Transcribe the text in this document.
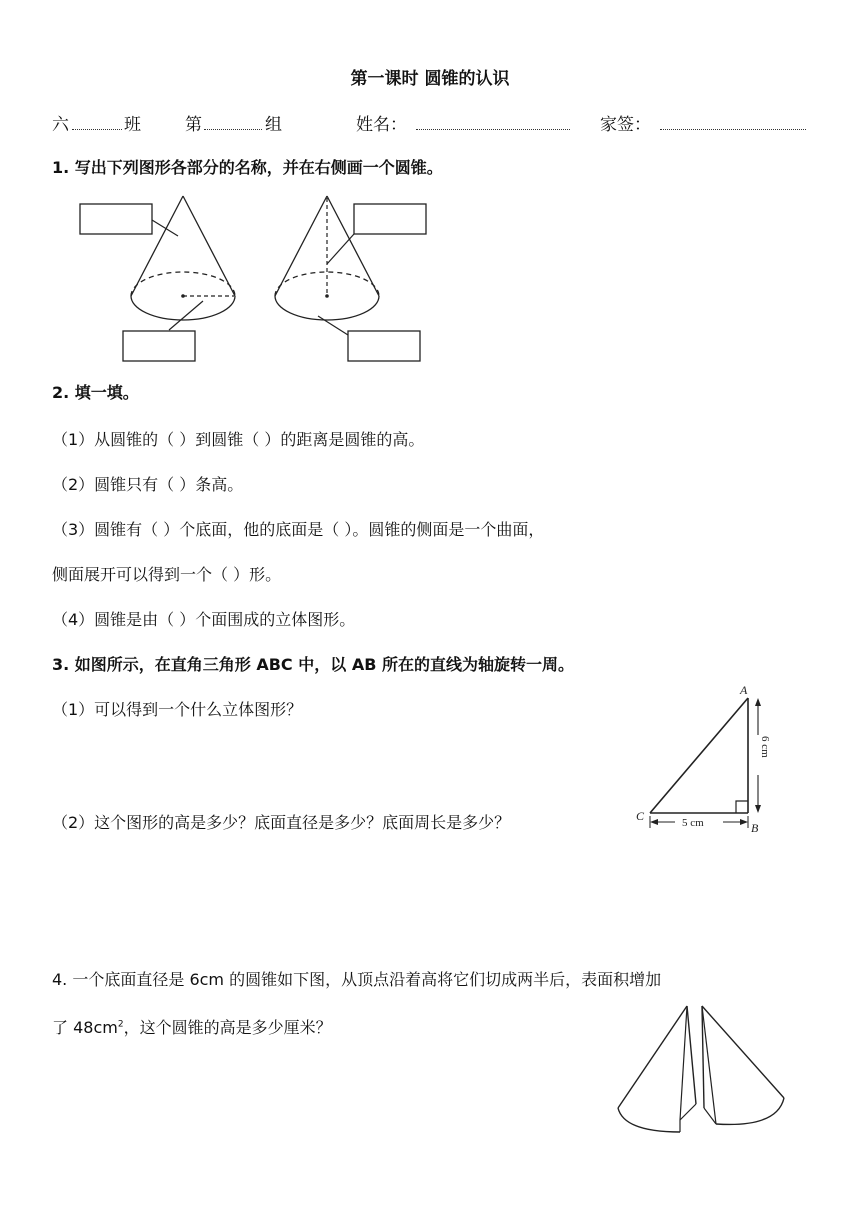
第一课时 圆锥的认识
六	班	第	组	姓名：	家签：
1. 写出下列图形各部分的名称，并在右侧画一个圆锥。
2. 填一填。
（1）从圆锥的（ ）到圆锥（ ）的距离是圆锥的高。
（2）圆锥只有（ ）条高。
（3）圆锥有（ ）个底面，他的底面是（ ）。圆锥的侧面是一个曲面，
侧面展开可以得到一个（ ）形。
（4）圆锥是由（ ）个面围成的立体图形。
3. 如图所示，在直角三角形 ABC 中，以 AB 所在的直线为轴旋转一周。
（1）可以得到一个什么立体图形？
（2）这个图形的高是多少？底面直径是多少？底面周长是多少？
A
B
C
6 cm
5 cm
4. 一个底面直径是 6cm 的圆锥如下图，从顶点沿着高将它们切成两半后，表面积增加
了 $48cm^2$，这个圆锥的高是多少厘米？
